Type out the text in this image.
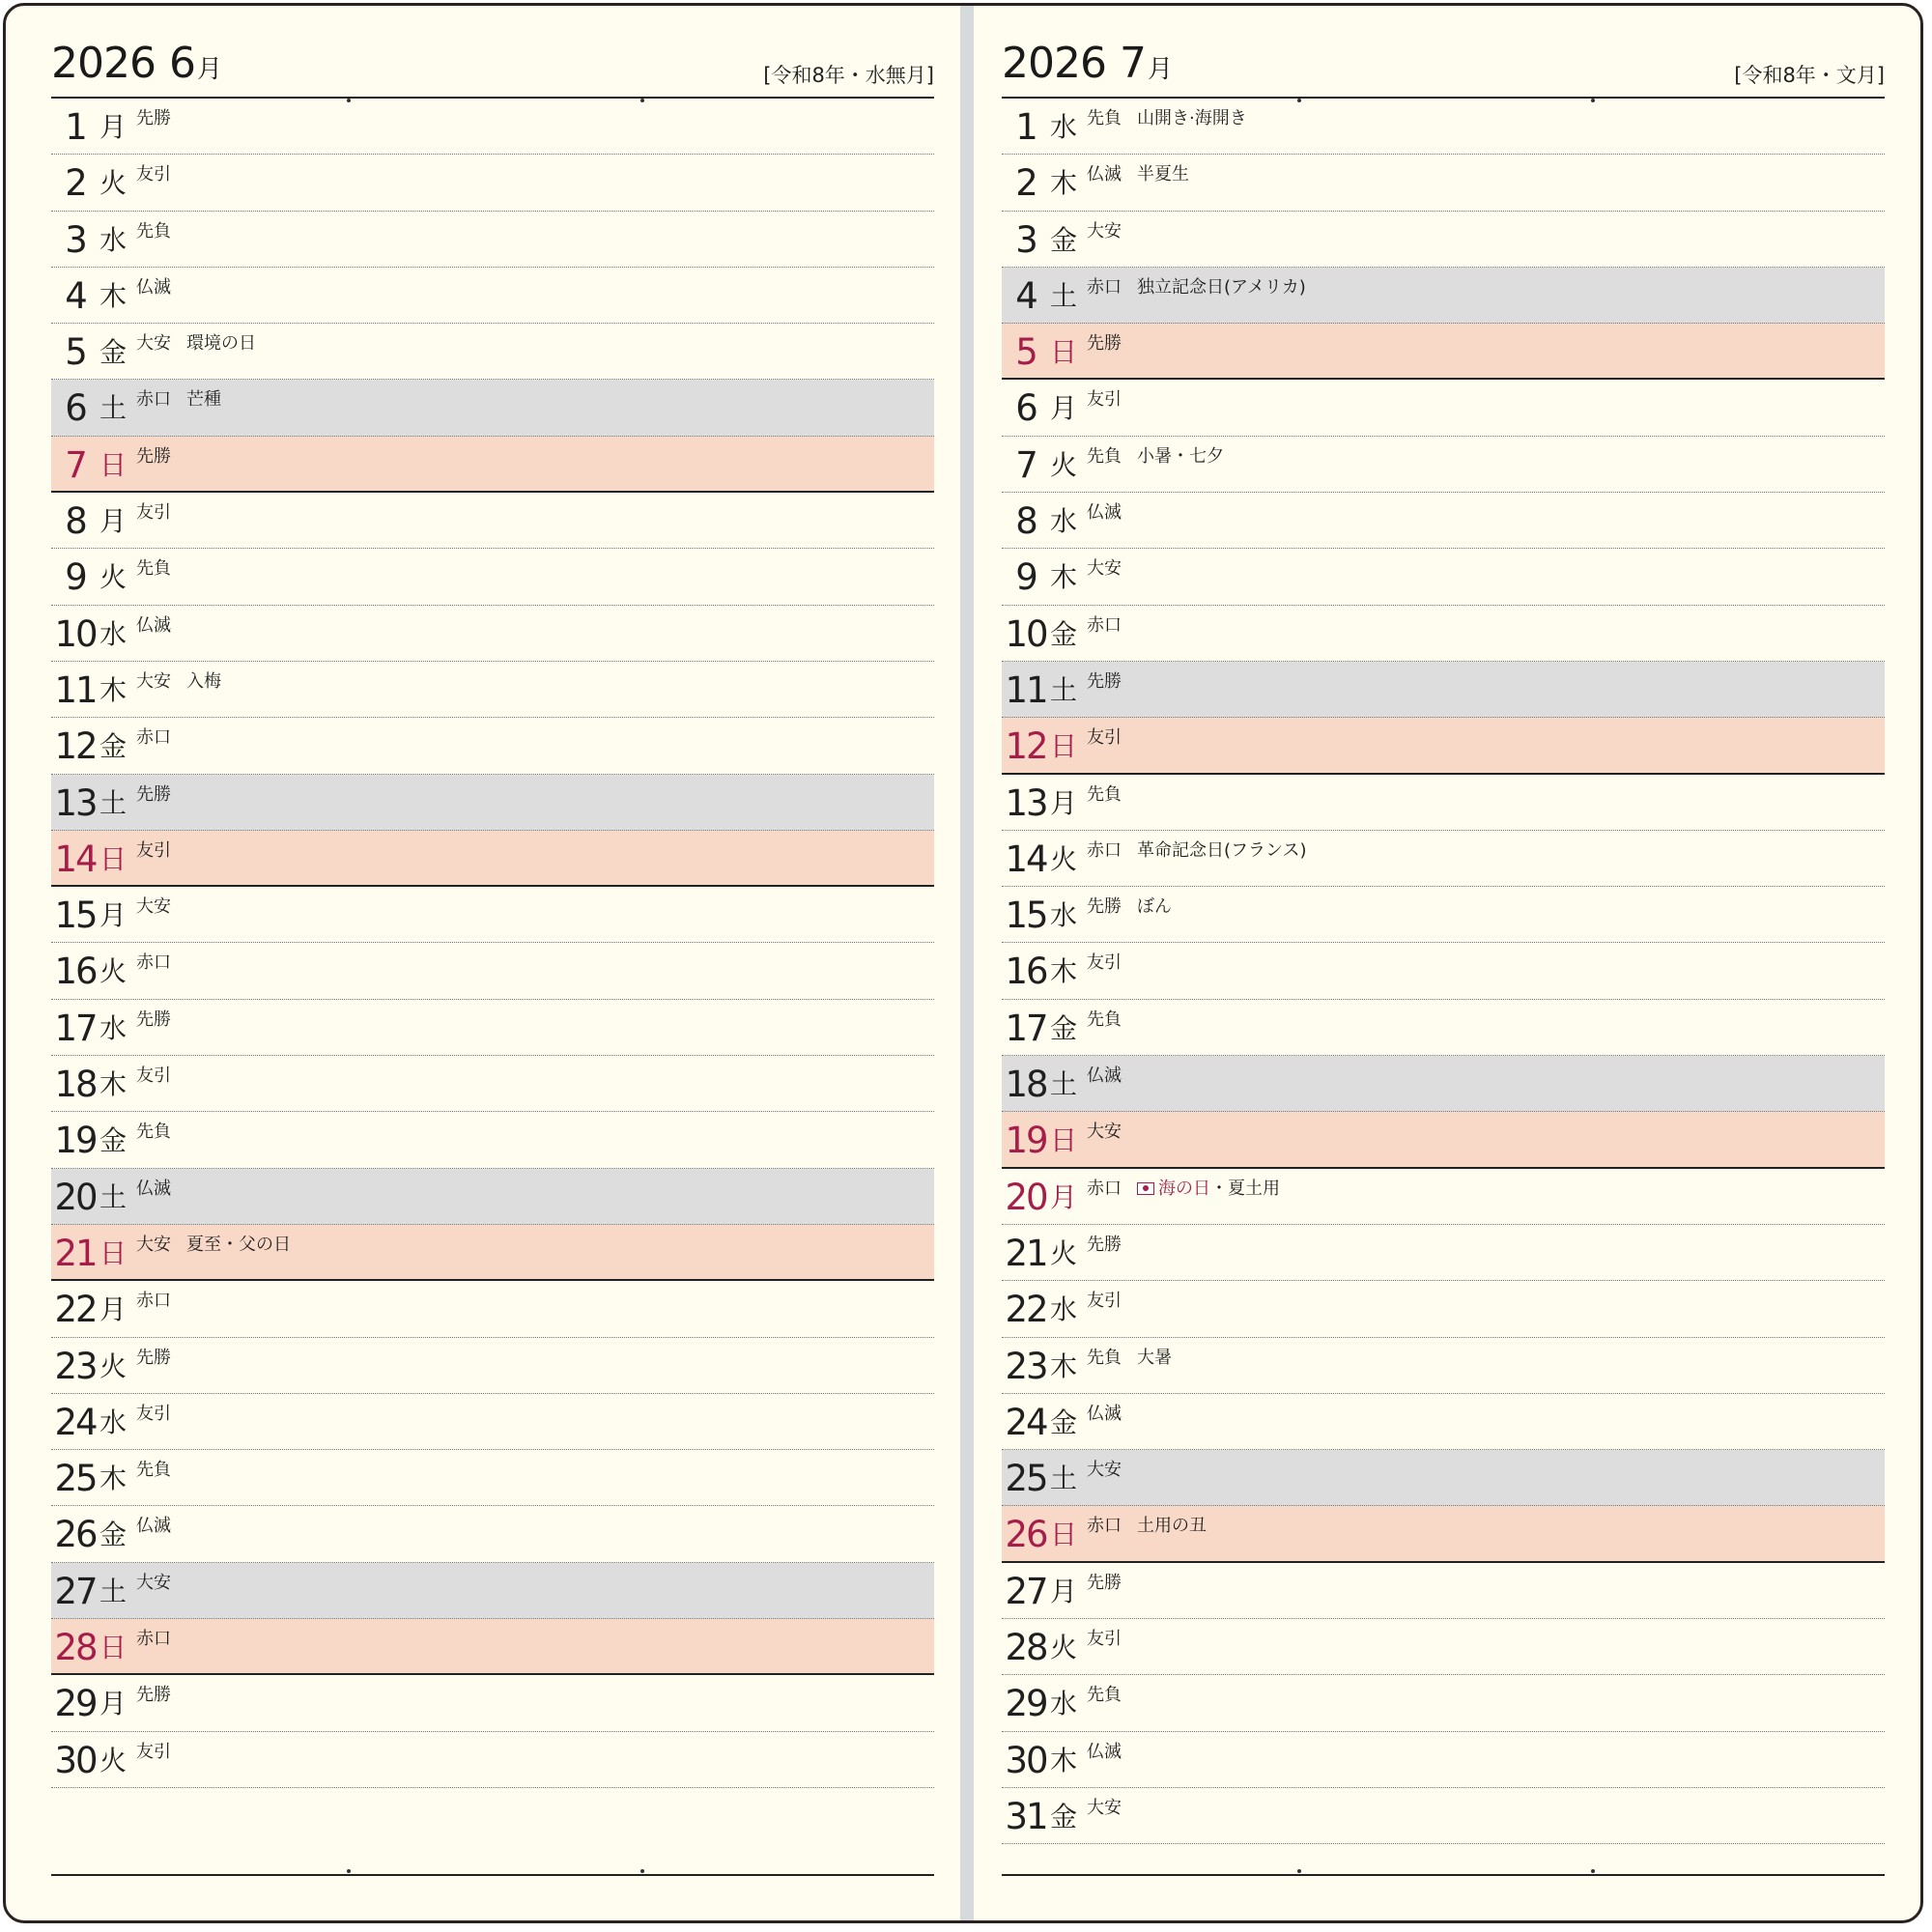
2026 6月	[令和8年・水無月]
1 月 先勝
2 火 友引
3 水 先負
4 木 仏滅
5 金 大安 環境の日
6 土 赤口 芒種
7 日 先勝
8 月 友引
9 火 先負
10 水 仏滅
11 木 大安 入梅
12 金 赤口
13 土 先勝
14 日 友引
15 月 大安
16 火 赤口
17 水 先勝
18 木 友引
19 金 先負
20 土 仏滅
21 日 大安 夏至・父の日
22 月 赤口
23 火 先勝
24 水 友引
25 木 先負
26 金 仏滅
27 土 大安
28 日 赤口
29 月 先勝
30 火 友引
2026 7月	[令和8年・文月]
1 水 先負 山開き·海開き
2 木 仏滅 半夏生
3 金 大安
4 土 赤口 独立記念日(アメリカ)
5 日 先勝
6 月 友引
7 火 先負 小暑・七夕
8 水 仏滅
9 木 大安
10 金 赤口
11 土 先勝
12 日 友引
13 月 先負
14 火 赤口 革命記念日(フランス)
15 水 先勝 ぼん
16 木 友引
17 金 先負
18 土 仏滅
19 日 大安
20 月 赤口	海の日・夏土用
21 火 先勝
22 水 友引
23 木 先負 大暑
24 金 仏滅
25 土 大安
26 日 赤口 土用の丑
27 月 先勝
28 火 友引
29 水 先負
30 木 仏滅
31 金 大安
